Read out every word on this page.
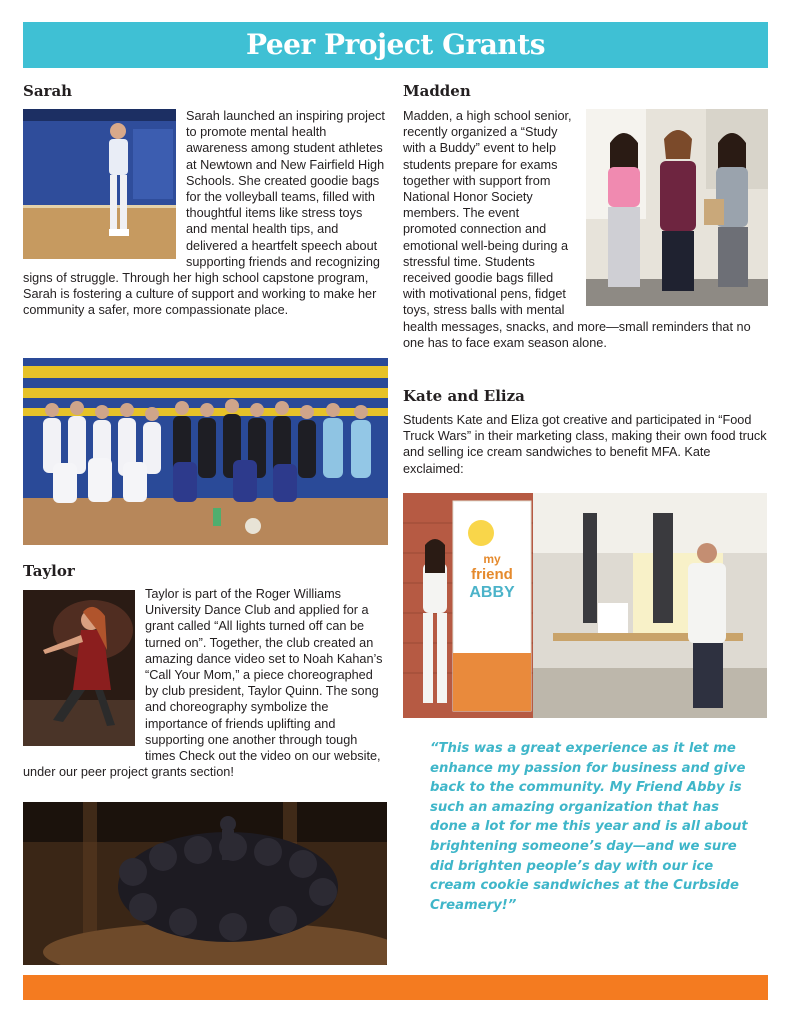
Peer Project Grants
Sarah
Sarah launched an inspiring project to promote mental health awareness among student athletes at Newtown and New Fairfield High Schools. She created goodie bags for the volleyball teams, filled with thoughtful items like stress toys and mental health tips, and delivered a heartfelt speech about supporting friends and recognizing signs of struggle. Through her high school capstone program, Sarah is fostering a culture of support and working to make her community a safer, more compassionate place.
Taylor
Taylor is part of the Roger Williams University Dance Club and applied for a grant called “All lights turned off can be turned on”. Together, the club created an amazing dance video set to Noah Kahan’s “Call Your Mom,” a piece choreographed by club president, Taylor Quinn. The song and choreography symbolize the importance of friends uplifting and supporting one another through tough times Check out the video on our website, under our peer project grants section!
Madden
Madden, a high school senior, recently organized a “Study with a Buddy” event to help students prepare for exams together with support from National Honor Society members. The event promoted connection and emotional well-being during a stressful time. Students received goodie bags filled with motivational pens, fidget toys, stress balls with mental health messages, snacks, and more—small reminders that no one has to face exam season alone.
Kate and Eliza
Students Kate and Eliza got creative and participated in “Food Truck Wars” in their marketing class, making their own food truck and selling ice cream sandwiches to benefit MFA. Kate exclaimed:
my
friend
ABBY

“This was a great experience as it let me enhance my passion for business and give back to the community. My Friend Abby is such an amazing organization that has done a lot for me this year and is all about brightening someone’s day—and we sure did brighten people’s day with our ice cream cookie sandwiches at the Curbside Creamery!”
